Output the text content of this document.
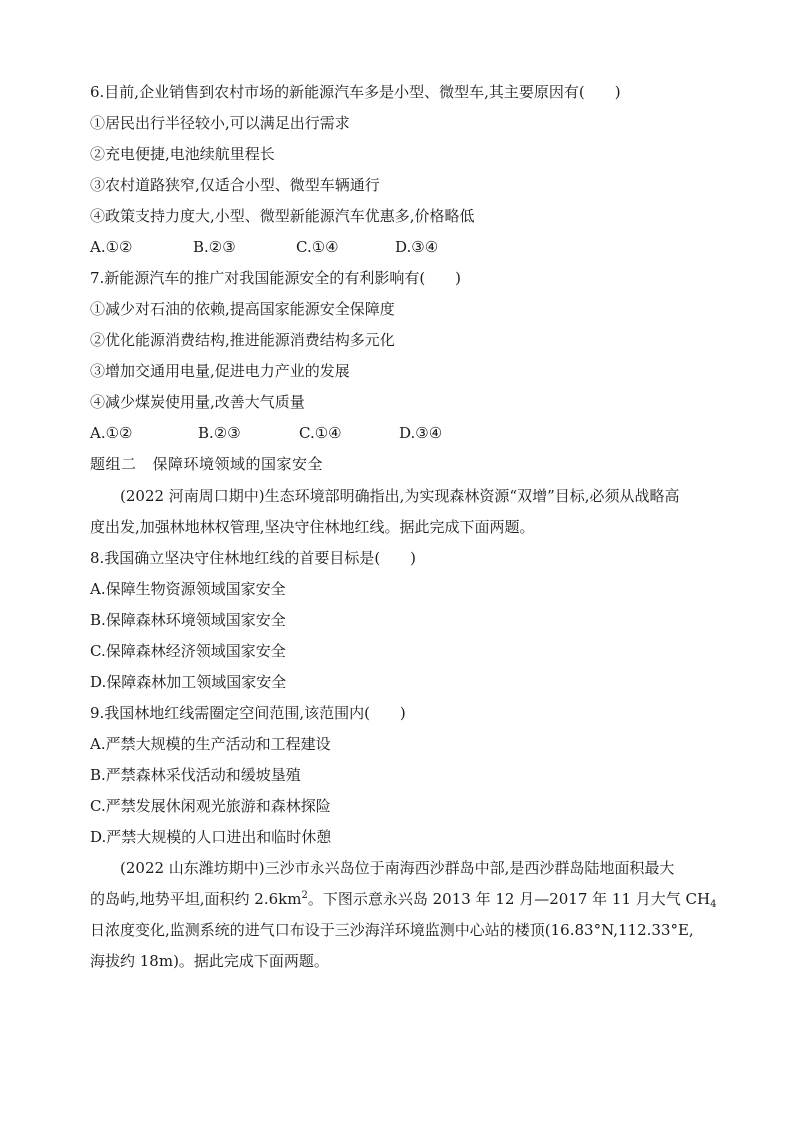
6.目前,企业销售到农村市场的新能源汽车多是小型、微型车,其主要原因有(　　)
①居民出行半径较小,可以满足出行需求
②充电便捷,电池续航里程长
③农村道路狭窄,仅适合小型、微型车辆通行
④政策支持力度大,小型、微型新能源汽车优惠多,价格略低
A.①②	B.②③	C.①④	D.③④
7.新能源汽车的推广对我国能源安全的有利影响有(　　)
①减少对石油的依赖,提高国家能源安全保障度
②优化能源消费结构,推进能源消费结构多元化
③增加交通用电量,促进电力产业的发展
④减少煤炭使用量,改善大气质量
A.①②	B.②③	C.①④	D.③④
题组二 保障环境领域的国家安全
(2022 河南周口期中)生态环境部明确指出,为实现森林资源“双增”目标,必须从战略高
度出发,加强林地林权管理,坚决守住林地红线。据此完成下面两题。
8.我国确立坚决守住林地红线的首要目标是(　　)
A.保障生物资源领域国家安全
B.保障森林环境领域国家安全
C.保障森林经济领域国家安全
D.保障森林加工领域国家安全
9.我国林地红线需圈定空间范围,该范围内(　　)
A.严禁大规模的生产活动和工程建设
B.严禁森林采伐活动和缓坡垦殖
C.严禁发展休闲观光旅游和森林探险
D.严禁大规模的人口进出和临时休憩
(2022 山东潍坊期中)三沙市永兴岛位于南海西沙群岛中部,是西沙群岛陆地面积最大
的岛屿,地势平坦,面积约 $2.6km^2$。下图示意永兴岛 2013 年 12 月—2017 年 11 月大气 $CH_4$
日浓度变化,监测系统的进气口布设于三沙海洋环境监测中心站的楼顶(16.83°N,112.33°E,
海拔约 18m)。据此完成下面两题。
